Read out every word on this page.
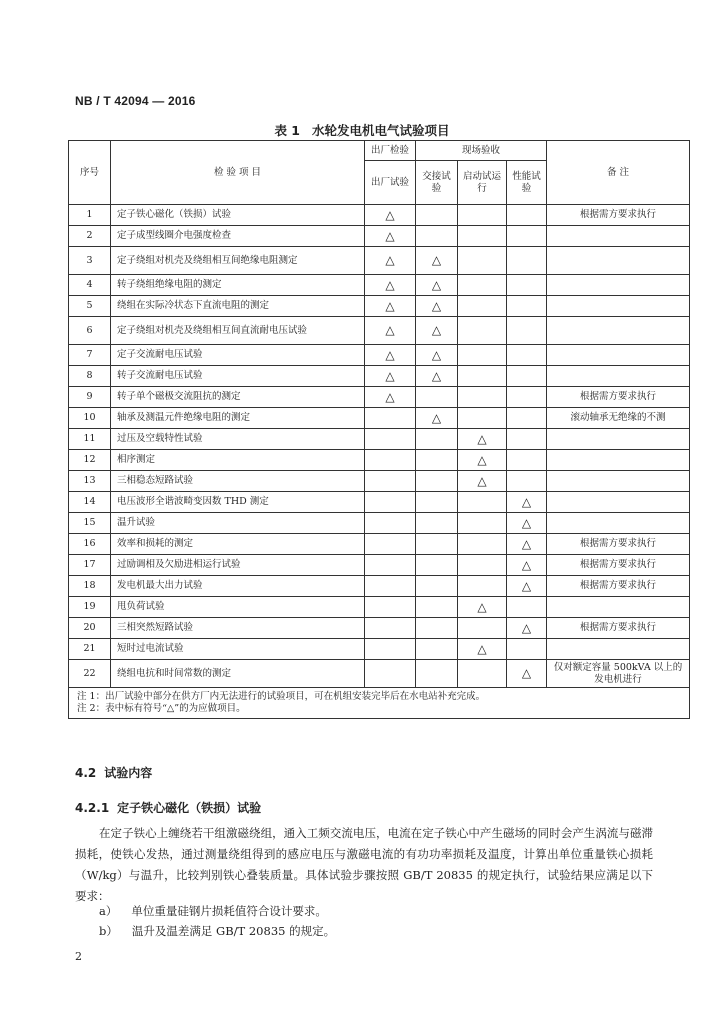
NB / T 42094 — 2016
表 1 水轮发电机电气试验项目
序号	检 验 项 目	出厂检验	现场验收			备 注
		出厂试验	交接试验	启动试运行	性能试验	
1	定子铁心磁化（铁损）试验	△				根据需方要求执行
2	定子成型线圈介电强度检查	△				
3	定子绕组对机壳及绕组相互间绝缘电阻测定	△	△			
4	转子绕组绝缘电阻的测定	△	△			
5	绕组在实际冷状态下直流电阻的测定	△	△			
6	定子绕组对机壳及绕组相互间直流耐电压试验	△	△			
7	定子交流耐电压试验	△	△			
8	转子交流耐电压试验	△	△			
9	转子单个磁极交流阻抗的测定	△				根据需方要求执行
10	轴承及测温元件绝缘电阻的测定		△			滚动轴承无绝缘的不测
11	过压及空载特性试验			△		
12	相序测定			△		
13	三相稳态短路试验			△		
14	电压波形全谐波畸变因数 THD 测定				△	
15	温升试验				△	
16	效率和损耗的测定				△	根据需方要求执行
17	过励调相及欠励进相运行试验				△	根据需方要求执行
18	发电机最大出力试验				△	根据需方要求执行
19	甩负荷试验			△		
20	三相突然短路试验				△	根据需方要求执行
21	短时过电流试验			△		
22	绕组电抗和时间常数的测定				△	仅对额定容量 500kVA 以上的发电机进行

注 1：出厂试验中部分在供方厂内无法进行的试验项目，可在机组安装完毕后在水电站补充完成。
注 2：表中标有符号“△”的为应做项目。						
4.2 试验内容
4.2.1 定子铁心磁化（铁损）试验
在定子铁心上缠绕若干组激磁绕组，通入工频交流电压，电流在定子铁心中产生磁场的同时会产生涡流与磁滞损耗，使铁心发热，通过测量绕组得到的感应电压与激磁电流的有功功率损耗及温度，计算出单位重量铁心损耗（W/kg）与温升，比较判别铁心叠装质量。具体试验步骤按照 GB/T 20835 的规定执行，试验结果应满足以下要求：
a） 单位重量硅钢片损耗值符合设计要求。
b） 温升及温差满足 GB/T 20835 的规定。
2
